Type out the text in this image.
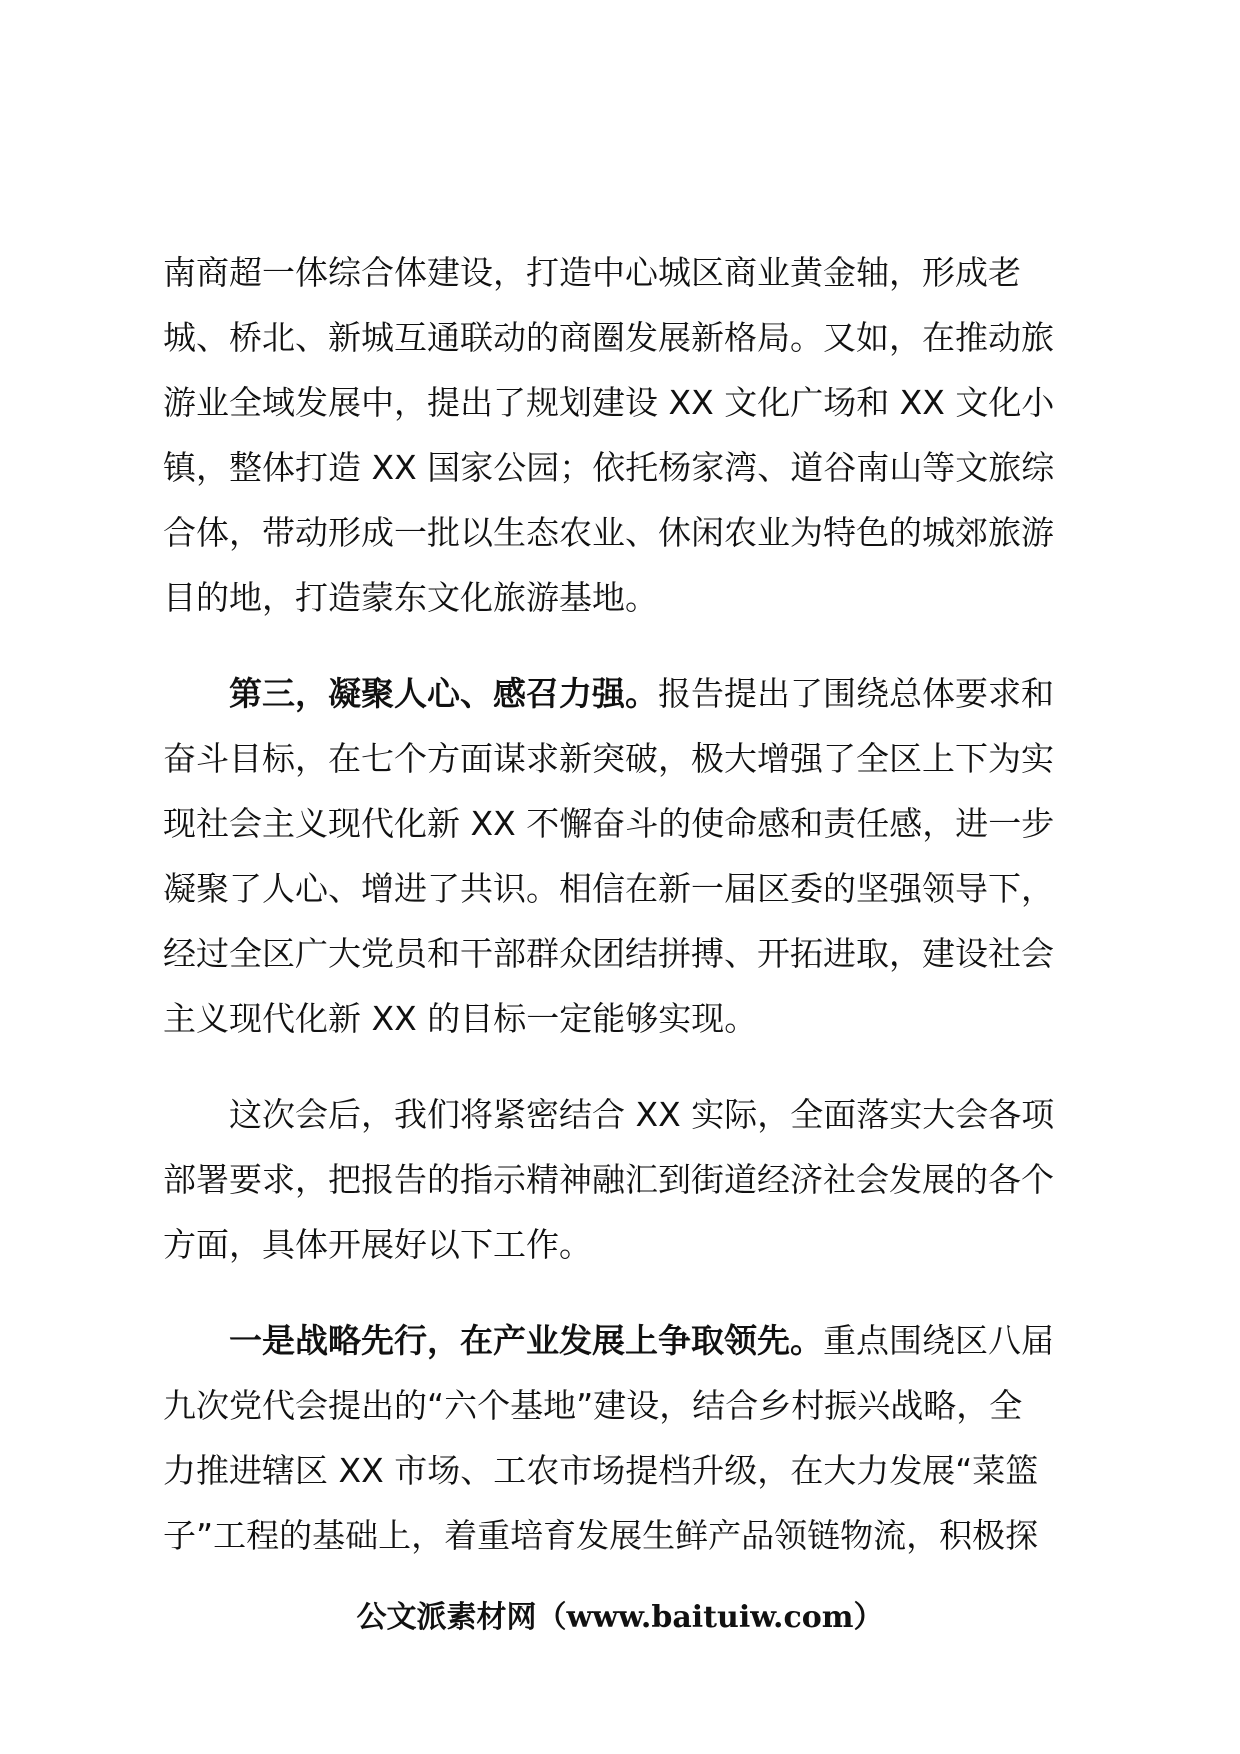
南商超一体综合体建设，打造中心城区商业黄金轴，形成老
城、桥北、新城互通联动的商圈发展新格局。又如，在推动旅
游业全域发展中，提出了规划建设 XX 文化广场和 XX 文化小
镇，整体打造 XX 国家公园；依托杨家湾、道谷南山等文旅综
合体，带动形成一批以生态农业、休闲农业为特色的城郊旅游
目的地，打造蒙东文化旅游基地。
第三，凝聚人心、感召力强。报告提出了围绕总体要求和
奋斗目标，在七个方面谋求新突破，极大增强了全区上下为实
现社会主义现代化新 XX 不懈奋斗的使命感和责任感，进一步
凝聚了人心、增进了共识。相信在新一届区委的坚强领导下，
经过全区广大党员和干部群众团结拼搏、开拓进取，建设社会
主义现代化新 XX 的目标一定能够实现。
这次会后，我们将紧密结合 XX 实际，全面落实大会各项
部署要求，把报告的指示精神融汇到街道经济社会发展的各个
方面，具体开展好以下工作。
一是战略先行，在产业发展上争取领先。重点围绕区八届
九次党代会提出的“六个基地”建设，结合乡村振兴战略，全
力推进辖区 XX 市场、工农市场提档升级，在大力发展“菜篮
子”工程的基础上，着重培育发展生鲜产品领链物流，积极探
公文派素材网（www.baituiw.com）
